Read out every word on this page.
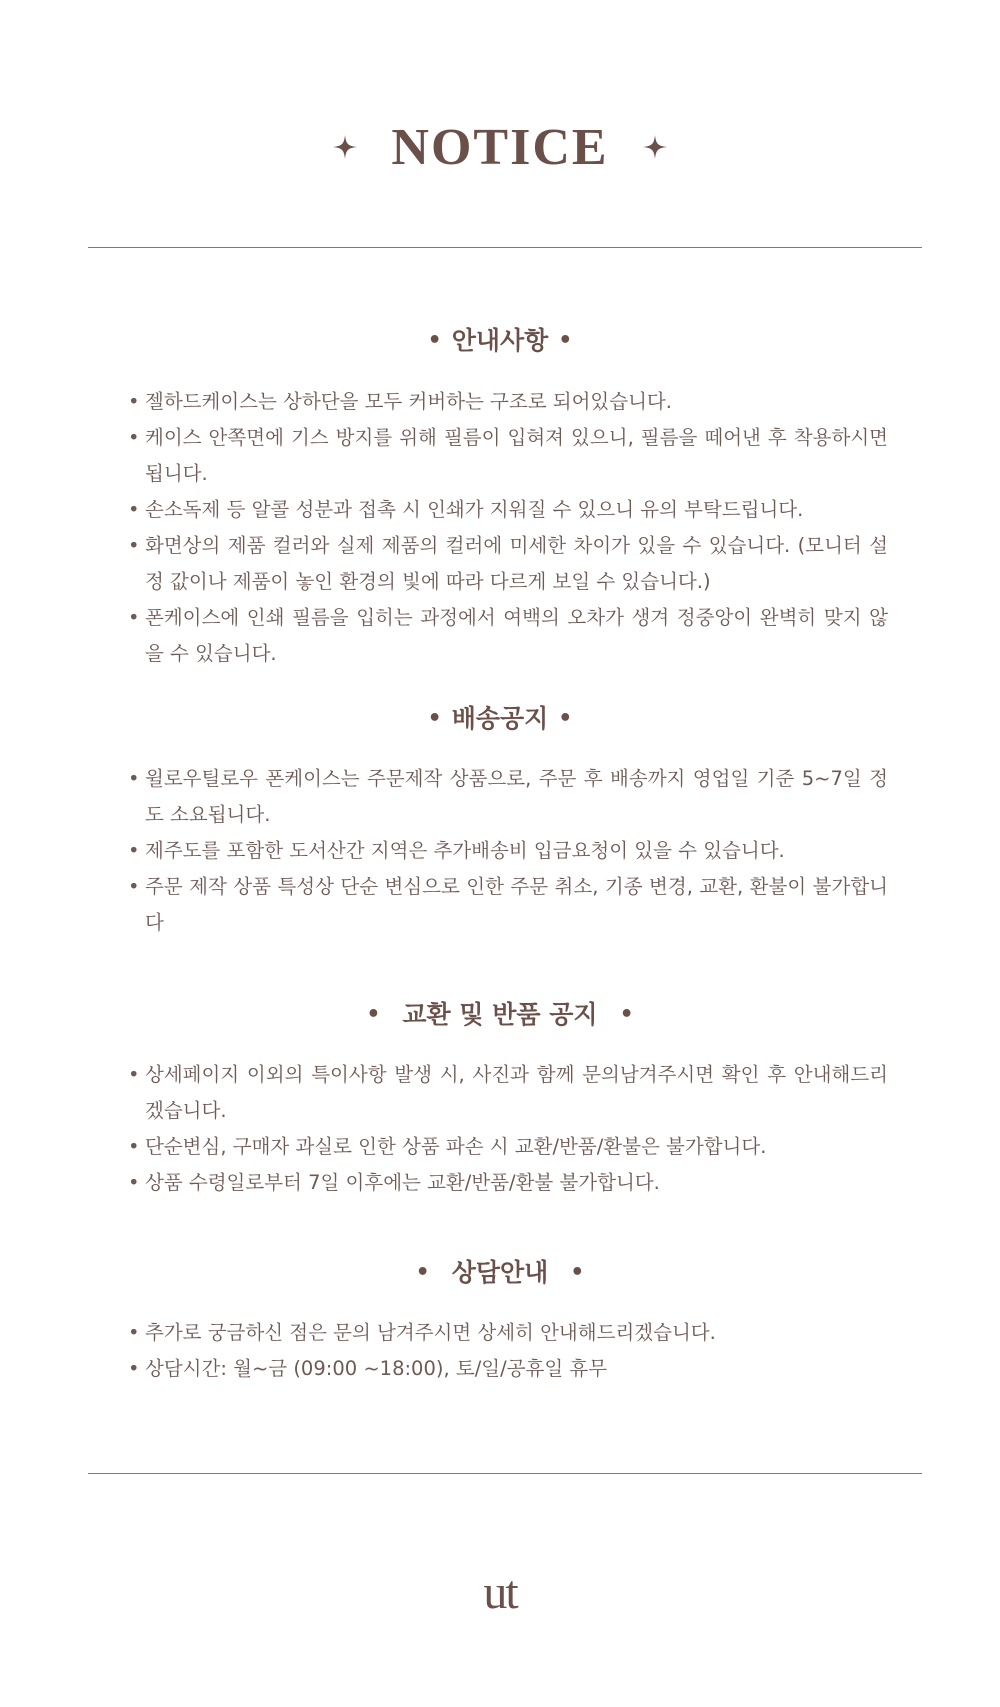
NOTICE
• 안내사항 •
• 젤하드케이스는 상하단을 모두 커버하는 구조로 되어있습니다.
• 케이스 안쪽면에 기스 방지를 위해 필름이 입혀져 있으니, 필름을 떼어낸 후 착용하시면 됩니다.
• 손소독제 등 알콜 성분과 접촉 시 인쇄가 지워질 수 있으니 유의 부탁드립니다.
• 화면상의 제품 컬러와 실제 제품의 컬러에 미세한 차이가 있을 수 있습니다. (모니터 설정 값이나 제품이 놓인 환경의 빛에 따라 다르게 보일 수 있습니다.)
• 폰케이스에 인쇄 필름을 입히는 과정에서 여백의 오차가 생겨 정중앙이 완벽히 맞지 않을 수 있습니다.
• 배송공지 •
• 윌로우틸로우 폰케이스는 주문제작 상품으로, 주문 후 배송까지 영업일 기준 5~7일 정도 소요됩니다.
• 제주도를 포함한 도서산간 지역은 추가배송비 입금요청이 있을 수 있습니다.
• 주문 제작 상품 특성상 단순 변심으로 인한 주문 취소, 기종 변경, 교환, 환불이 불가합니다
• 교환 및 반품 공지 •
• 상세페이지 이외의 특이사항 발생 시, 사진과 함께 문의남겨주시면 확인 후 안내해드리겠습니다.
• 단순변심, 구매자 과실로 인한 상품 파손 시 교환/반품/환불은 불가합니다.
• 상품 수령일로부터 7일 이후에는 교환/반품/환불 불가합니다.
• 상담안내 •
• 추가로 궁금하신 점은 문의 남겨주시면 상세히 안내해드리겠습니다.
• 상담시간: 월~금 (09:00 ~18:00), 토/일/공휴일 휴무
ut
